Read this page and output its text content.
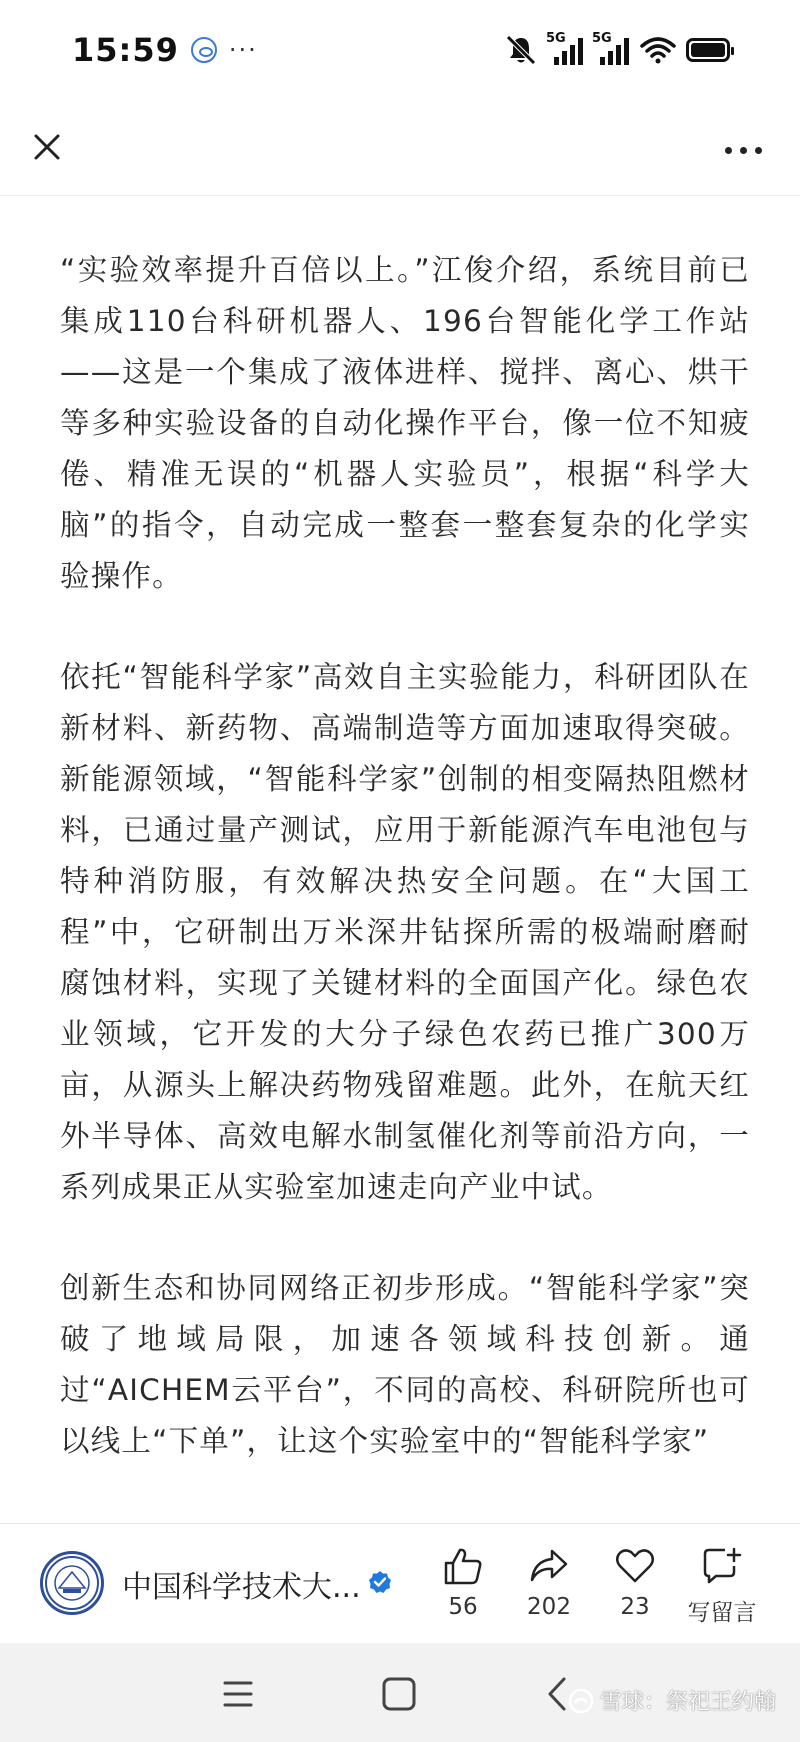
15:59 ···	5G 5G

“实验效率提升百倍以上。”江俊介绍，系统目前已集成110台科研机器人、196台智能化学工作站——这是一个集成了液体进样、搅拌、离心、烘干等多种实验设备的自动化操作平台，像一位不知疲倦、精准无误的“机器人实验员”，根据“科学大脑”的指令，自动完成一整套一整套复杂的化学实验操作。

依托“智能科学家”高效自主实验能力，科研团队在新材料、新药物、高端制造等方面加速取得突破。新能源领域，“智能科学家”创制的相变隔热阻燃材料，已通过量产测试，应用于新能源汽车电池包与特种消防服，有效解决热安全问题。在“大国工程”中，它研制出万米深井钻探所需的极端耐磨耐腐蚀材料，实现了关键材料的全面国产化。绿色农业领域，它开发的大分子绿色农药已推广300万亩，从源头上解决药物残留难题。此外，在航天红外半导体、高效电解水制氢催化剂等前沿方向，一系列成果正从实验室加速走向产业中试。

创新生态和协同网络正初步形成。“智能科学家”突破了地域局限，加速各领域科技创新。通过“AICHEM云平台”，不同的高校、科研院所也可以线上“下单”，让这个实验室中的“智能科学家”

中国科学技术大...
56	202	23	写留言
雪球：祭祀王约翰
